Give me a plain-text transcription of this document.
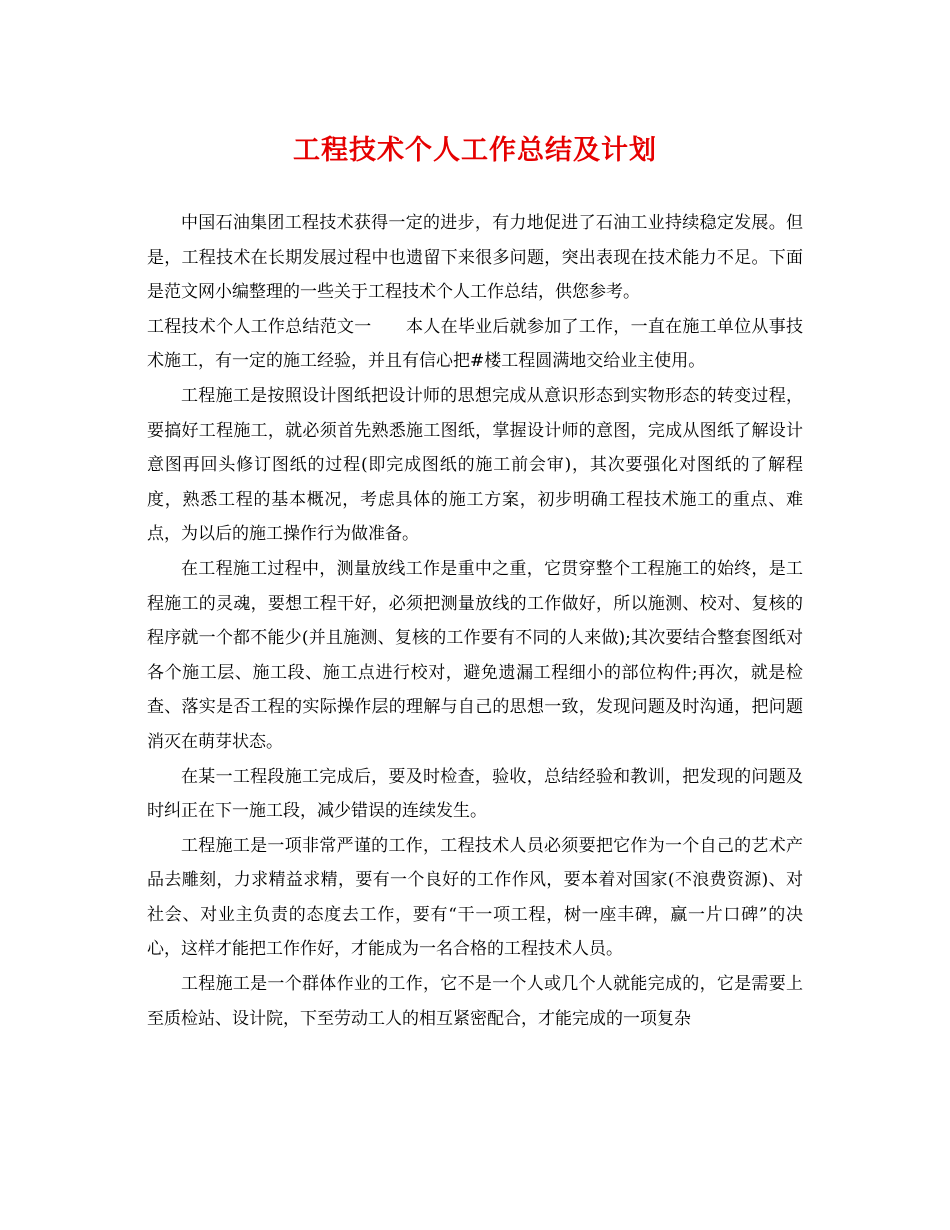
工程技术个人工作总结及计划

中国石油集团工程技术获得一定的进步，有力地促进了石油工业持续稳定发展。但是，工程技术在长期发展过程中也遗留下来很多问题，突出表现在技术能力不足。下面是范文网小编整理的一些关于工程技术个人工作总结，供您参考。

工程技术个人工作总结范文一　　本人在毕业后就参加了工作，一直在施工单位从事技术施工，有一定的施工经验，并且有信心把#楼工程圆满地交给业主使用。

工程施工是按照设计图纸把设计师的思想完成从意识形态到实物形态的转变过程，要搞好工程施工，就必须首先熟悉施工图纸，掌握设计师的意图，完成从图纸了解设计意图再回头修订图纸的过程(即完成图纸的施工前会审)，其次要强化对图纸的了解程度，熟悉工程的基本概况，考虑具体的施工方案，初步明确工程技术施工的重点、难点，为以后的施工操作行为做准备。

在工程施工过程中，测量放线工作是重中之重，它贯穿整个工程施工的始终，是工程施工的灵魂，要想工程干好，必须把测量放线的工作做好，所以施测、校对、复核的程序就一个都不能少(并且施测、复核的工作要有不同的人来做);其次要结合整套图纸对各个施工层、施工段、施工点进行校对，避免遗漏工程细小的部位构件;再次，就是检查、落实是否工程的实际操作层的理解与自己的思想一致，发现问题及时沟通，把问题消灭在萌芽状态。

在某一工程段施工完成后，要及时检查，验收，总结经验和教训，把发现的问题及时纠正在下一施工段，减少错误的连续发生。

工程施工是一项非常严谨的工作，工程技术人员必须要把它作为一个自己的艺术产品去雕刻，力求精益求精，要有一个良好的工作作风，要本着对国家(不浪费资源)、对社会、对业主负责的态度去工作，要有“干一项工程，树一座丰碑，赢一片口碑”的决心，这样才能把工作作好，才能成为一名合格的工程技术人员。

工程施工是一个群体作业的工作，它不是一个人或几个人就能完成的，它是需要上至质检站、设计院，下至劳动工人的相互紧密配合，才能完成的一项复杂
